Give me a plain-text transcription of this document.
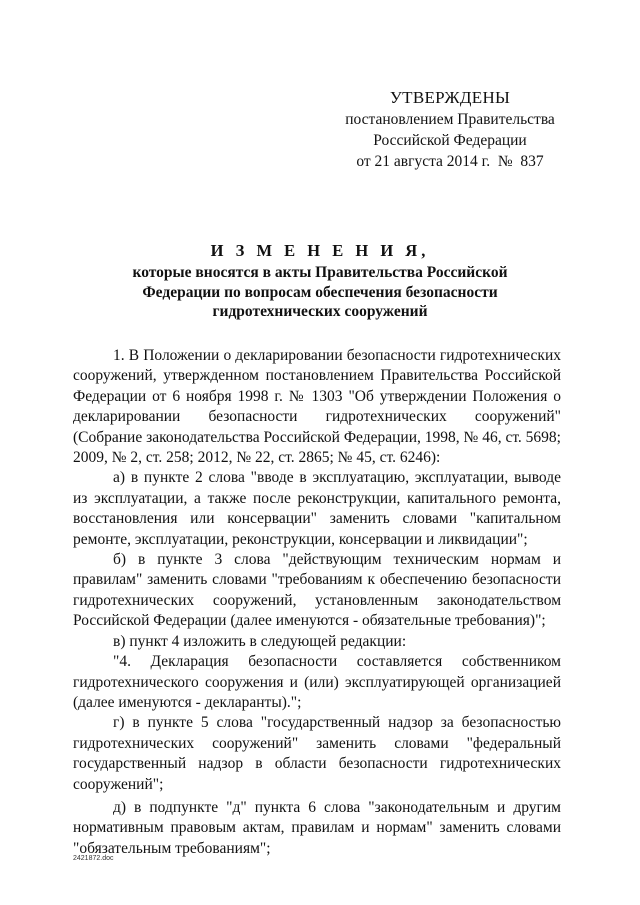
УТВЕРЖДЕНЫ
постановлением Правительства
Российской Федерации
от 21 августа 2014 г.  №  837
И З М Е Н Е Н И Я,
которые вносятся в акты Правительства Российской
Федерации по вопросам обеспечения безопасности
гидротехнических сооружений

1. В Положении о декларировании безопасности гидротехнических сооружений, утвержденном постановлением Правительства Российской Федерации от 6 ноября 1998 г. № 1303 "Об утверждении Положения о декларировании безопасности гидротехнических сооружений" (Собрание законодательства Российской Федерации, 1998, № 46, ст. 5698; 2009, № 2, ст. 258; 2012, № 22, ст. 2865; № 45, ст. 6246):

а) в пункте 2 слова "вводе в эксплуатацию, эксплуатации, выводе из эксплуатации, а также после реконструкции, капитального ремонта, восстановления или консервации" заменить словами "капитальном ремонте, эксплуатации, реконструкции, консервации и ликвидации";

б) в пункте 3 слова "действующим техническим нормам и правилам" заменить словами "требованиям к обеспечению безопасности гидротехнических сооружений, установленным законодательством Российской Федерации (далее именуются - обязательные требования)";

в) пункт 4 изложить в следующей редакции:

"4. Декларация безопасности составляется собственником гидротехнического сооружения и (или) эксплуатирующей организацией (далее именуются - декларанты).";

г) в пункте 5 слова "государственный надзор за безопасностью гидротехнических сооружений" заменить словами "федеральный государственный надзор в области безопасности гидротехнических сооружений";

д) в подпункте "д" пункта 6 слова "законодательным и другим нормативным правовым актам, правилам и нормам" заменить словами "обязательным требованиям";

2421872.doc
